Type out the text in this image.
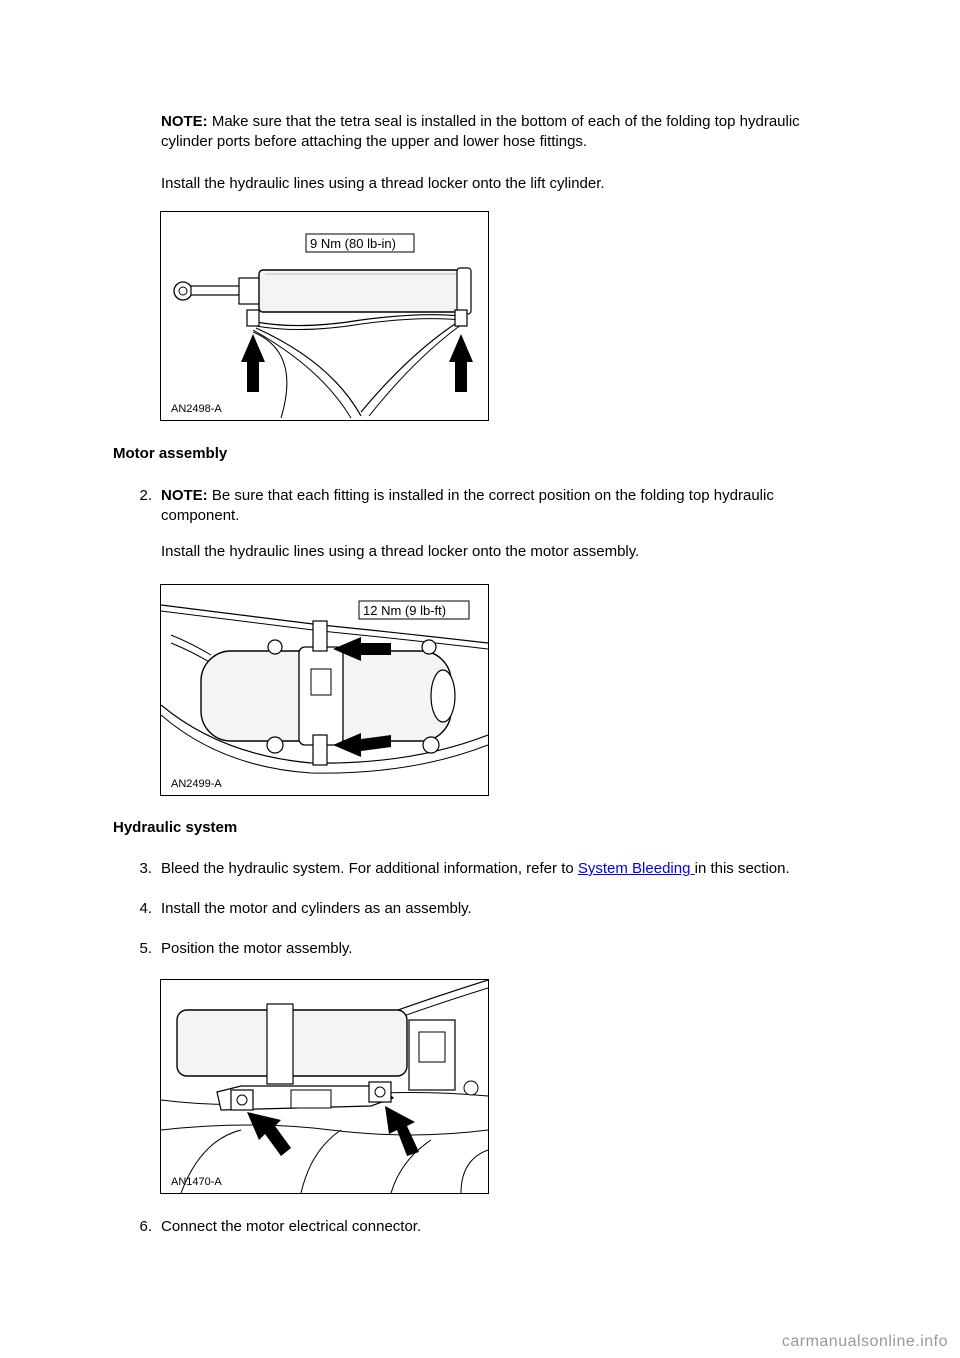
NOTE: Make sure that the tetra seal is installed in the bottom of each of the folding top hydraulic cylinder ports before attaching the upper and lower hose fittings.
Install the hydraulic lines using a thread locker onto the lift cylinder.
9 Nm (80 lb-in)
AN2498-A
Motor assembly
2. NOTE: Be sure that each fitting is installed in the correct position on the folding top hydraulic component.
Install the hydraulic lines using a thread locker onto the motor assembly.
12 Nm (9 lb-ft)
AN2499-A
Hydraulic system
3. Bleed the hydraulic system. For additional information, refer to System Bleeding in this section.
4. Install the motor and cylinders as an assembly.
5. Position the motor assembly.
AN1470-A
6. Connect the motor electrical connector.
carmanualsonline.info
